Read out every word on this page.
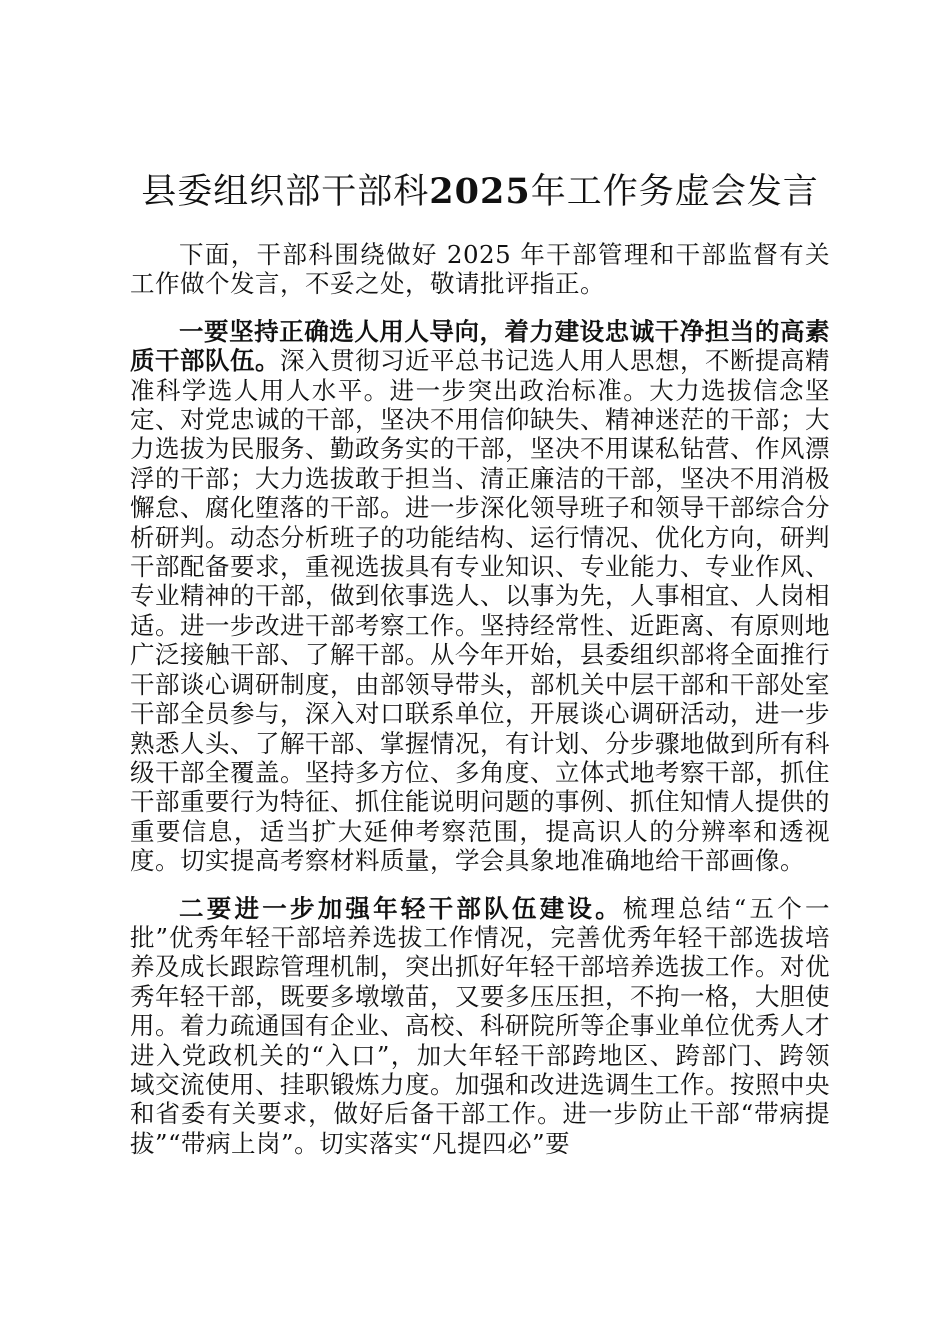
县委组织部干部科2025年工作务虚会发言

下面，干部科围绕做好 2025 年干部管理和干部监督有关工作做个发言，不妥之处，敬请批评指正。

一要坚持正确选人用人导向，着力建设忠诚干净担当的高素质干部队伍。深入贯彻习近平总书记选人用人思想，不断提高精准科学选人用人水平。进一步突出政治标准。大力选拔信念坚定、对党忠诚的干部，坚决不用信仰缺失、精神迷茫的干部；大力选拔为民服务、勤政务实的干部，坚决不用谋私钻营、作风漂浮的干部；大力选拔敢于担当、清正廉洁的干部，坚决不用消极懈怠、腐化堕落的干部。进一步深化领导班子和领导干部综合分析研判。动态分析班子的功能结构、运行情况、优化方向，研判干部配备要求，重视选拔具有专业知识、专业能力、专业作风、专业精神的干部，做到依事选人、以事为先，人事相宜、人岗相适。进一步改进干部考察工作。坚持经常性、近距离、有原则地广泛接触干部、了解干部。从今年开始，县委组织部将全面推行干部谈心调研制度，由部领导带头，部机关中层干部和干部处室干部全员参与，深入对口联系单位，开展谈心调研活动，进一步熟悉人头、了解干部、掌握情况，有计划、分步骤地做到所有科级干部全覆盖。坚持多方位、多角度、立体式地考察干部，抓住干部重要行为特征、抓住能说明问题的事例、抓住知情人提供的重要信息，适当扩大延伸考察范围，提高识人的分辨率和透视度。切实提高考察材料质量，学会具象地准确地给干部画像。

二要进一步加强年轻干部队伍建设。梳理总结“五个一批”优秀年轻干部培养选拔工作情况，完善优秀年轻干部选拔培养及成长跟踪管理机制，突出抓好年轻干部培养选拔工作。对优秀年轻干部，既要多墩墩苗，又要多压压担，不拘一格，大胆使用。着力疏通国有企业、高校、科研院所等企事业单位优秀人才进入党政机关的“入口”，加大年轻干部跨地区、跨部门、跨领域交流使用、挂职锻炼力度。加强和改进选调生工作。按照中央和省委有关要求，做好后备干部工作。进一步防止干部“带病提拔”“带病上岗”。切实落实“凡提四必”要
